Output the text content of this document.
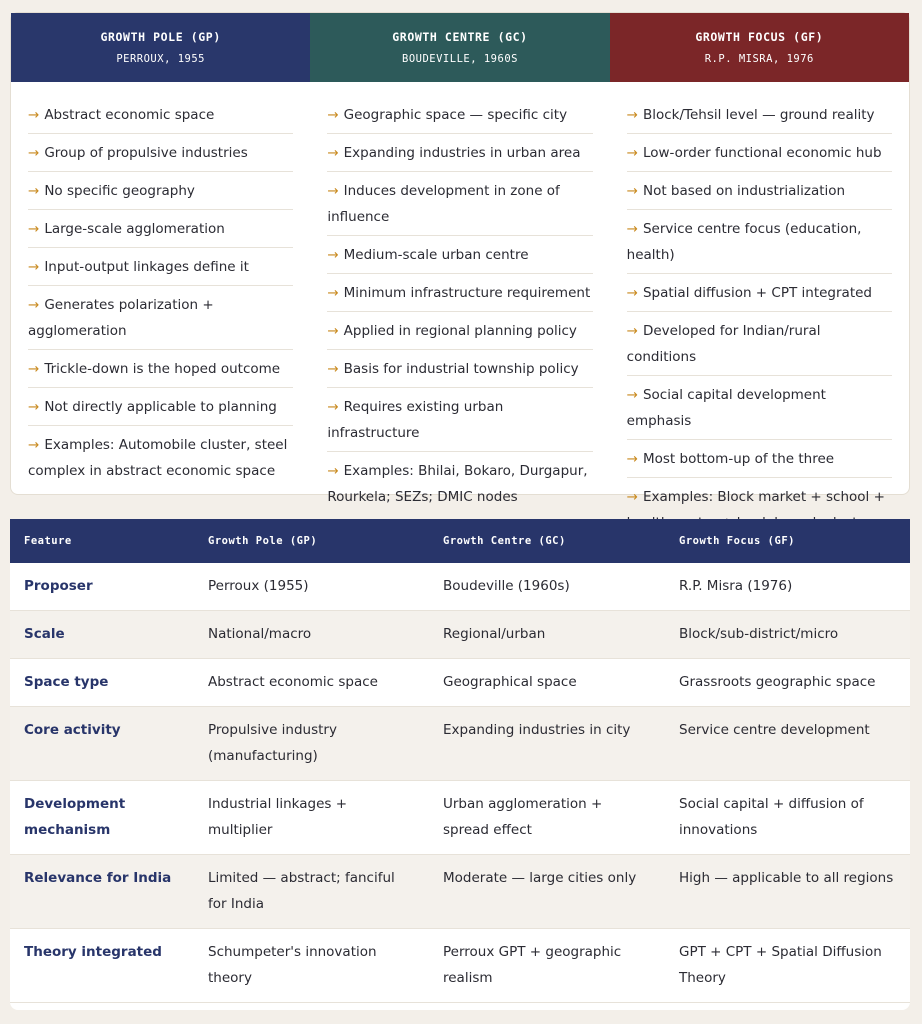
GROWTH POLE (GP)
PERROUX, 1955
GROWTH CENTRE (GC)
BOUDEVILLE, 1960S
GROWTH FOCUS (GF)
R.P. MISRA, 1976
→ Abstract economic space
→ Group of propulsive industries
→ No specific geography
→ Large-scale agglomeration
→ Input-output linkages define it
→ Generates polarization + agglomeration
→ Trickle-down is the hoped outcome
→ Not directly applicable to planning
→ Examples: Automobile cluster, steel complex in abstract economic space
→ Geographic space — specific city
→ Expanding industries in urban area
→ Induces development in zone of influence
→ Medium-scale urban centre
→ Minimum infrastructure requirement
→ Applied in regional planning policy
→ Basis for industrial township policy
→ Requires existing urban infrastructure
→ Examples: Bhilai, Bokaro, Durgapur, Rourkela; SEZs; DMIC nodes
→ Block/Tehsil level — ground reality
→ Low-order functional economic hub
→ Not based on industrialization
→ Service centre focus (education, health)
→ Spatial diffusion + CPT integrated
→ Developed for Indian/rural conditions
→ Social capital development emphasis
→ Most bottom-up of the three
→ Examples: Block market + school +
Feature	Growth Pole (GP)	Growth Centre (GC)	Growth Focus (GF)
Proposer	Perroux (1955)	Boudeville (1960s)	R.P. Misra (1976)
Scale	National/macro	Regional/urban	Block/sub-district/micro
Space type	Abstract economic space	Geographical space	Grassroots geographic space
Core activity	Propulsive industry (manufacturing)	Expanding industries in city	Service centre development
Development mechanism	Industrial linkages + multiplier	Urban agglomeration + spread effect	Social capital + diffusion of innovations
Relevance for India	Limited — abstract; fanciful for India	Moderate — large cities only	High — applicable to all regions
Theory integrated	Schumpeter's innovation theory	Perroux GPT + geographic realism	GPT + CPT + Spatial Diffusion Theory
